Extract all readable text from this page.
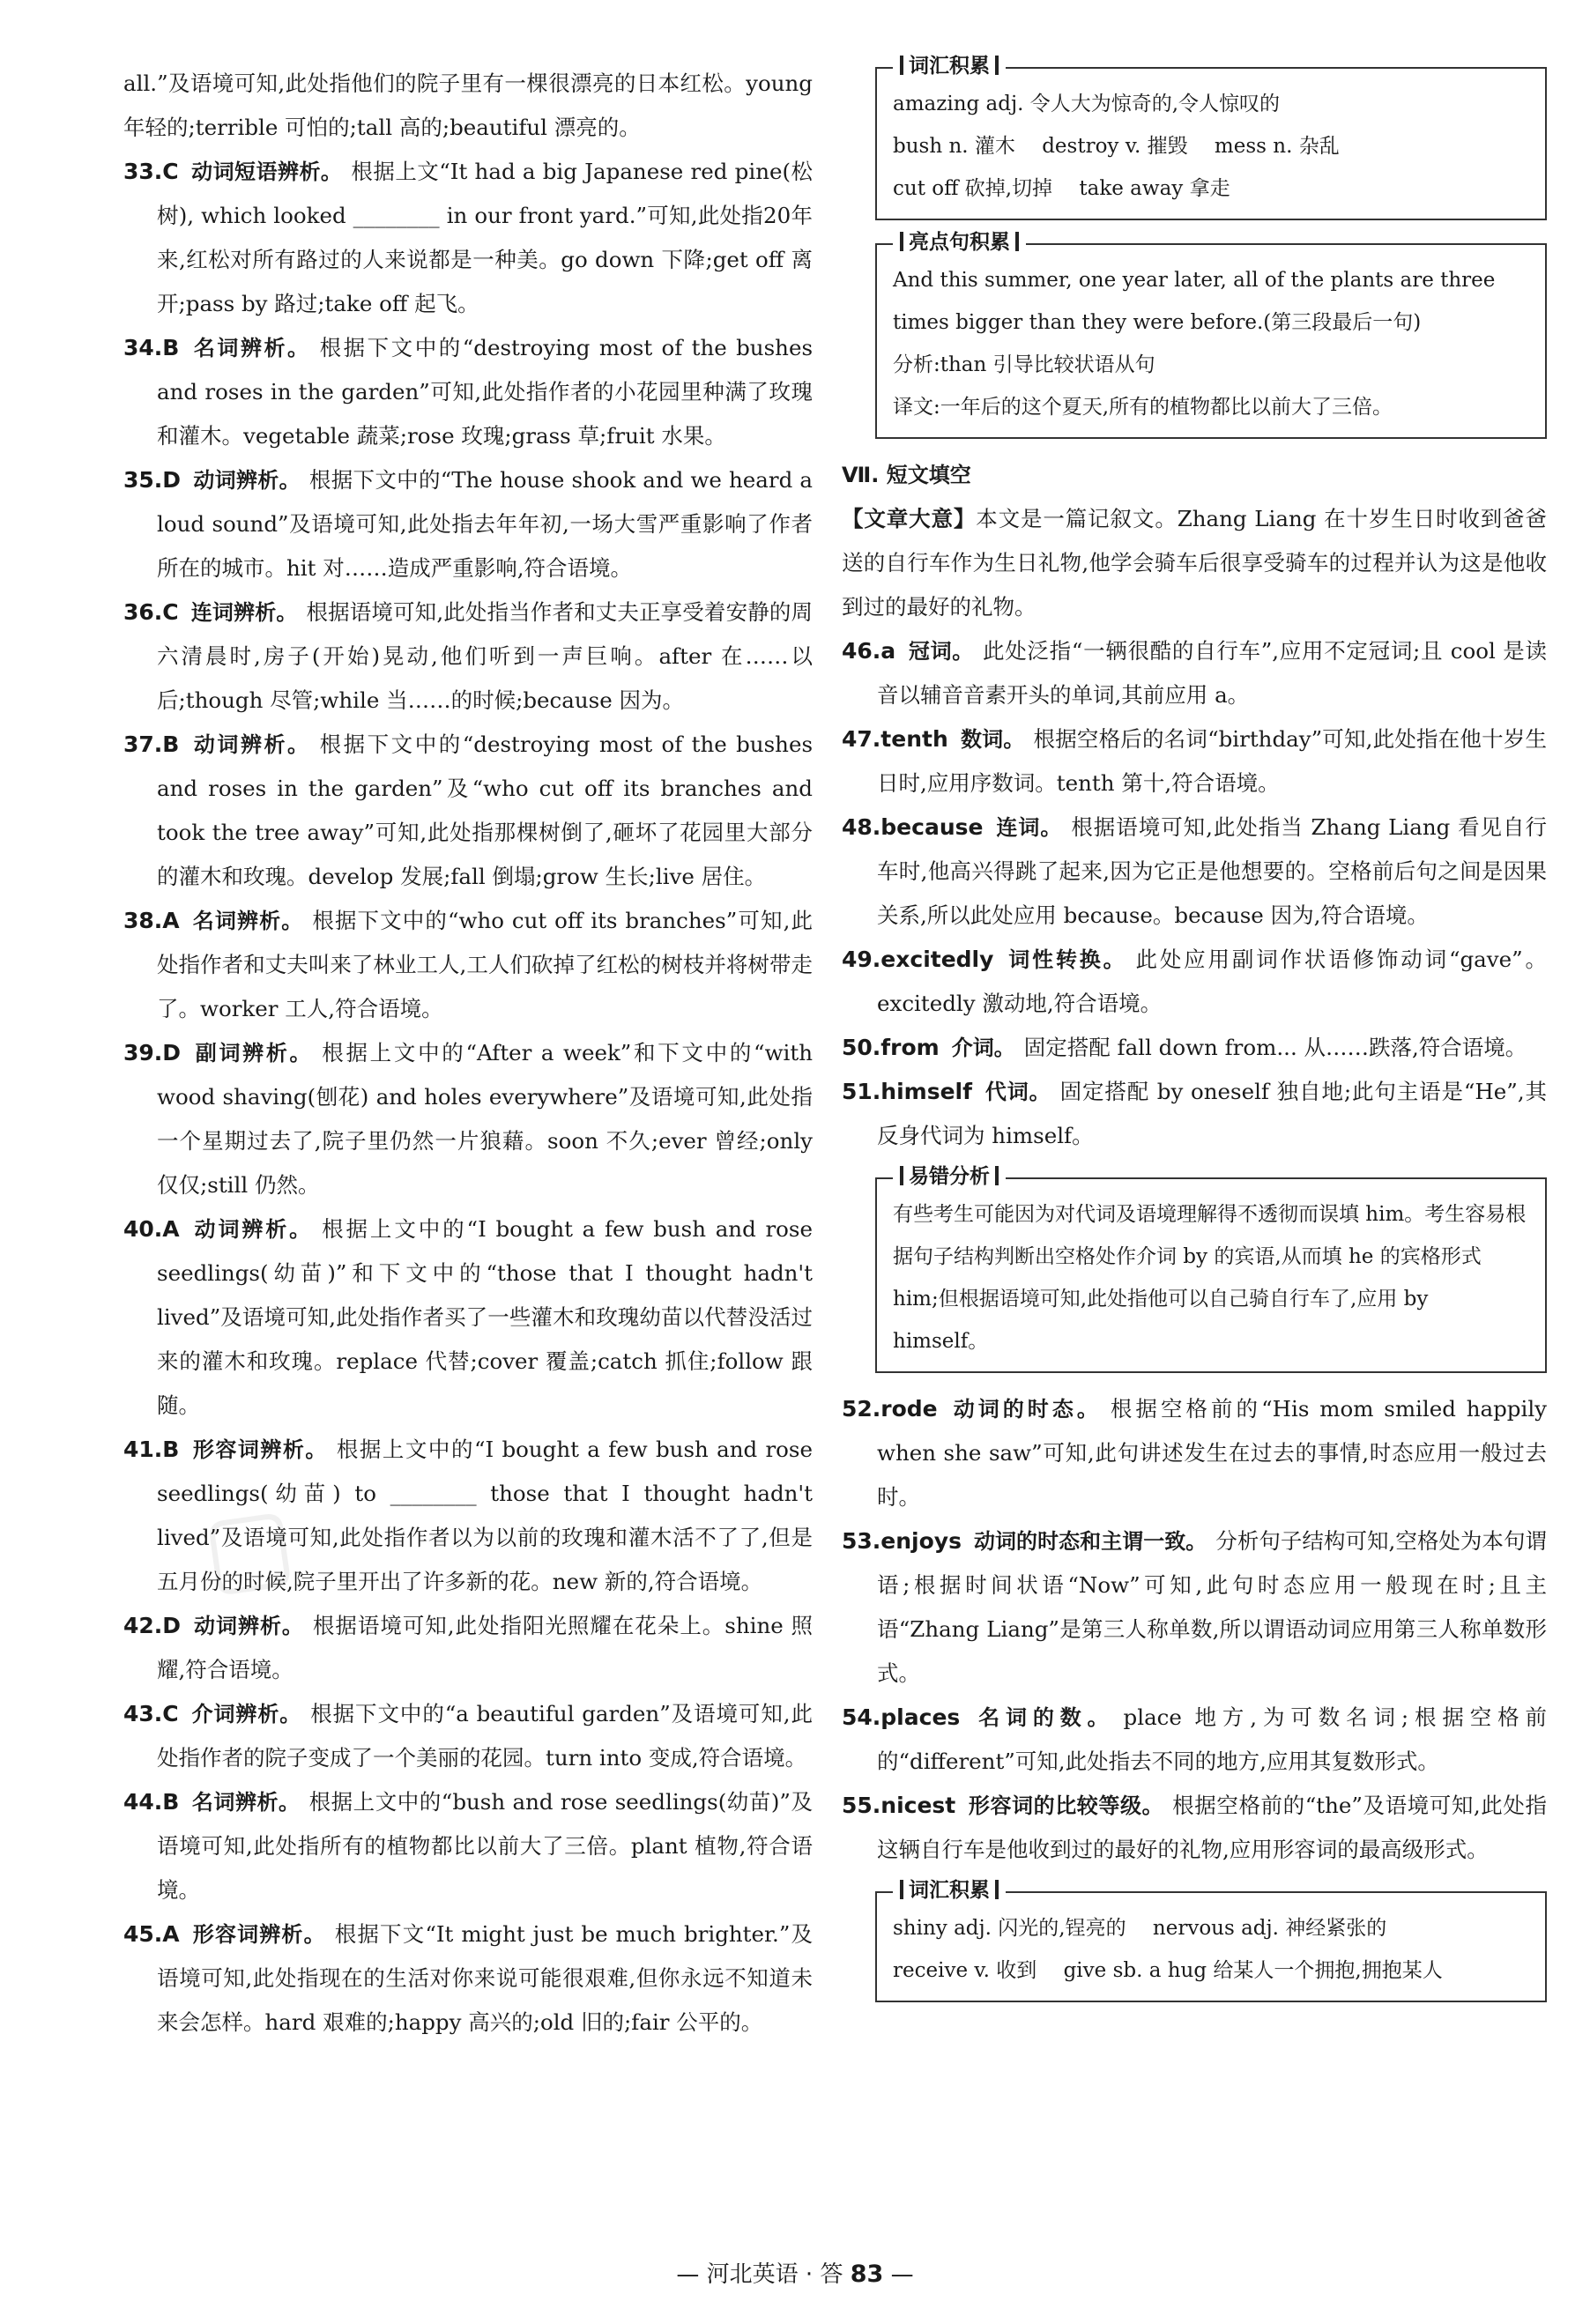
all.”及语境可知,此处指他们的院子里有一棵很漂亮的日本红松。young 年轻的;terrible 可怕的;tall 高的;beautiful 漂亮的。

33.C 动词短语辨析。 根据上文“It had a big Japanese red pine(松树), which looked ________ in our front yard.”可知,此处指20年来,红松对所有路过的人来说都是一种美。go down 下降;get off 离开;pass by 路过;take off 起飞。

34.B 名词辨析。 根据下文中的“destroying most of the bushes and roses in the garden”可知,此处指作者的小花园里种满了玫瑰和灌木。vegetable 蔬菜;rose 玫瑰;grass 草;fruit 水果。

35.D 动词辨析。 根据下文中的“The house shook and we heard a loud sound”及语境可知,此处指去年年初,一场大雪严重影响了作者所在的城市。hit 对……造成严重影响,符合语境。

36.C 连词辨析。 根据语境可知,此处指当作者和丈夫正享受着安静的周六清晨时,房子(开始)晃动,他们听到一声巨响。after 在……以后;though 尽管;while 当……的时候;because 因为。

37.B 动词辨析。 根据下文中的“destroying most of the bushes and roses in the garden”及“who cut off its branches and took the tree away”可知,此处指那棵树倒了,砸坏了花园里大部分的灌木和玫瑰。develop 发展;fall 倒塌;grow 生长;live 居住。

38.A 名词辨析。 根据下文中的“who cut off its branches”可知,此处指作者和丈夫叫来了林业工人,工人们砍掉了红松的树枝并将树带走了。worker 工人,符合语境。

39.D 副词辨析。 根据上文中的“After a week”和下文中的“with wood shaving(刨花) and holes everywhere”及语境可知,此处指一个星期过去了,院子里仍然一片狼藉。soon 不久;ever 曾经;only 仅仅;still 仍然。

40.A 动词辨析。 根据上文中的“I bought a few bush and rose seedlings(幼苗)”和下文中的“those that I thought hadn't lived”及语境可知,此处指作者买了一些灌木和玫瑰幼苗以代替没活过来的灌木和玫瑰。replace 代替;cover 覆盖;catch 抓住;follow 跟随。

41.B 形容词辨析。 根据上文中的“I bought a few bush and rose seedlings(幼苗) to ________ those that I thought hadn't lived”及语境可知,此处指作者以为以前的玫瑰和灌木活不了了,但是五月份的时候,院子里开出了许多新的花。new 新的,符合语境。

42.D 动词辨析。 根据语境可知,此处指阳光照耀在花朵上。shine 照耀,符合语境。

43.C 介词辨析。 根据下文中的“a beautiful garden”及语境可知,此处指作者的院子变成了一个美丽的花园。turn into 变成,符合语境。

44.B 名词辨析。 根据上文中的“bush and rose seedlings(幼苗)”及语境可知,此处指所有的植物都比以前大了三倍。plant 植物,符合语境。

45.A 形容词辨析。 根据下文“It might just be much brighter.”及语境可知,此处指现在的生活对你来说可能很艰难,但你永远不知道未来会怎样。hard 艰难的;happy 高兴的;old 旧的;fair 公平的。

词汇积累

amazing adj. 令人大为惊奇的,令人惊叹的

bush n. 灌木　 destroy v. 摧毁　 mess n. 杂乱

cut off 砍掉,切掉　 take away 拿走

亮点句积累

And this summer, one year later, all of the plants are three times bigger than they were before.(第三段最后一句)

分析:than 引导比较状语从句

译文:一年后的这个夏天,所有的植物都比以前大了三倍。

Ⅶ. 短文填空

【文章大意】本文是一篇记叙文。Zhang Liang 在十岁生日时收到爸爸送的自行车作为生日礼物,他学会骑车后很享受骑车的过程并认为这是他收到过的最好的礼物。

46.a 冠词。 此处泛指“一辆很酷的自行车”,应用不定冠词;且 cool 是读音以辅音音素开头的单词,其前应用 a。

47.tenth 数词。 根据空格后的名词“birthday”可知,此处指在他十岁生日时,应用序数词。tenth 第十,符合语境。

48.because 连词。 根据语境可知,此处指当 Zhang Liang 看见自行车时,他高兴得跳了起来,因为它正是他想要的。空格前后句之间是因果关系,所以此处应用 because。because 因为,符合语境。

49.excitedly 词性转换。 此处应用副词作状语修饰动词“gave”。excitedly 激动地,符合语境。

50.from 介词。 固定搭配 fall down from... 从……跌落,符合语境。

51.himself 代词。 固定搭配 by oneself 独自地;此句主语是“He”,其反身代词为 himself。

易错分析

有些考生可能因为对代词及语境理解得不透彻而误填 him。考生容易根据句子结构判断出空格处作介词 by 的宾语,从而填 he 的宾格形式 him;但根据语境可知,此处指他可以自己骑自行车了,应用 by himself。

52.rode 动词的时态。 根据空格前的“His mom smiled happily when she saw”可知,此句讲述发生在过去的事情,时态应用一般过去时。

53.enjoys 动词的时态和主谓一致。 分析句子结构可知,空格处为本句谓语;根据时间状语“Now”可知,此句时态应用一般现在时;且主语“Zhang Liang”是第三人称单数,所以谓语动词应用第三人称单数形式。

54.places 名词的数。 place 地方,为可数名词;根据空格前的“different”可知,此处指去不同的地方,应用其复数形式。

55.nicest 形容词的比较等级。 根据空格前的“the”及语境可知,此处指这辆自行车是他收到过的最好的礼物,应用形容词的最高级形式。

词汇积累

shiny adj. 闪光的,锃亮的　 nervous adj. 神经紧张的

receive v. 收到　 give sb. a hug 给某人一个拥抱,拥抱某人

— 河北英语 · 答 83 —
▢
